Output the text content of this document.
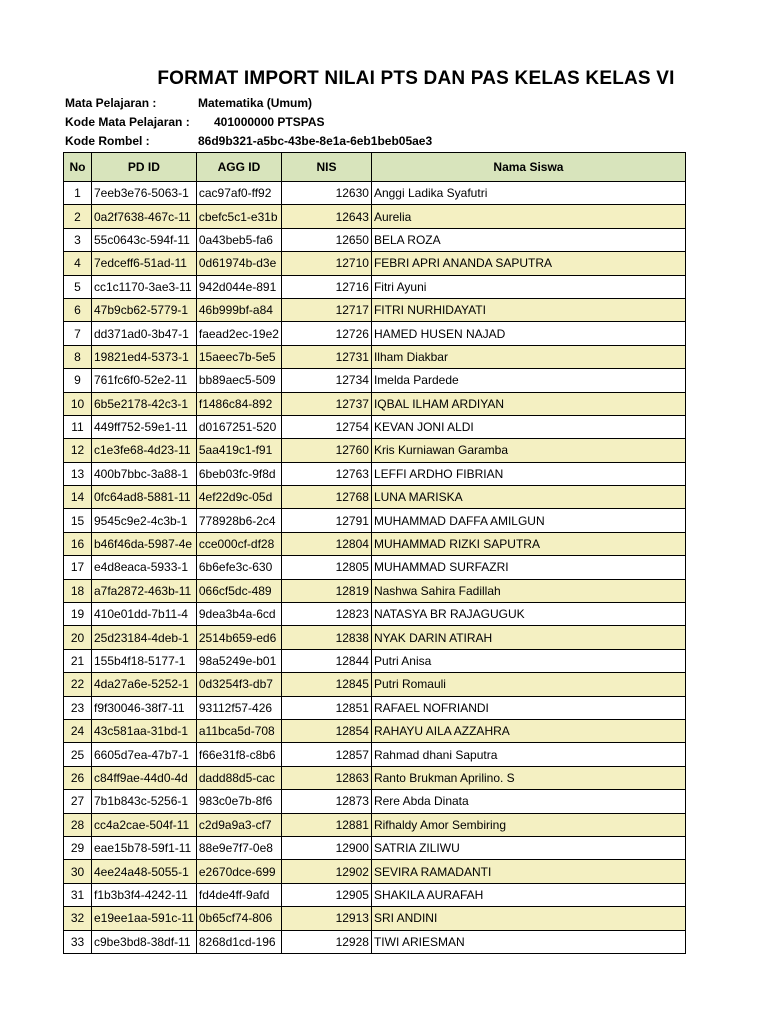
FORMAT IMPORT NILAI PTS DAN PAS KELAS KELAS VI
Mata Pelajaran :	Matematika (Umum)
Kode Mata Pelajaran : 401000000 PTSPAS
Kode Rombel :	86d9b321-a5bc-43be-8e1a-6eb1beb05ae3
No	PD ID	AGG ID	NIS	Nama Siswa
1	7eeb3e76-5063-1	cac97af0-ff92	12630	Anggi Ladika Syafutri
2	0a2f7638-467c-11	cbefc5c1-e31b	12643	Aurelia
3	55c0643c-594f-11	0a43beb5-fa6	12650	BELA ROZA
4	7edceff6-51ad-11	0d61974b-d3e	12710	FEBRI APRI ANANDA SAPUTRA
5	cc1c1170-3ae3-11	942d044e-891	12716	Fitri Ayuni
6	47b9cb62-5779-1	46b999bf-a84	12717	FITRI NURHIDAYATI
7	dd371ad0-3b47-1	faead2ec-19e2	12726	HAMED HUSEN NAJAD
8	19821ed4-5373-1	15aeec7b-5e5	12731	Ilham Diakbar
9	761fc6f0-52e2-11	bb89aec5-509	12734	Imelda Pardede
10	6b5e2178-42c3-1	f1486c84-892	12737	IQBAL ILHAM ARDIYAN
11	449ff752-59e1-11	d0167251-520	12754	KEVAN JONI ALDI
12	c1e3fe68-4d23-11	5aa419c1-f91	12760	Kris Kurniawan Garamba
13	400b7bbc-3a88-1	6beb03fc-9f8d	12763	LEFFI ARDHO FIBRIAN
14	0fc64ad8-5881-11	4ef22d9c-05d	12768	LUNA MARISKA
15	9545c9e2-4c3b-1	778928b6-2c4	12791	MUHAMMAD DAFFA AMILGUN
16	b46f46da-5987-4e	cce000cf-df28	12804	MUHAMMAD RIZKI SAPUTRA
17	e4d8eaca-5933-1	6b6efe3c-630	12805	MUHAMMAD SURFAZRI
18	a7fa2872-463b-11	066cf5dc-489	12819	Nashwa Sahira Fadillah
19	410e01dd-7b11-4	9dea3b4a-6cd	12823	NATASYA BR RAJAGUGUK
20	25d23184-4deb-1	2514b659-ed6	12838	NYAK DARIN ATIRAH
21	155b4f18-5177-1	98a5249e-b01	12844	Putri Anisa
22	4da27a6e-5252-1	0d3254f3-db7	12845	Putri Romauli
23	f9f30046-38f7-11	93112f57-426	12851	RAFAEL NOFRIANDI
24	43c581aa-31bd-1	a11bca5d-708	12854	RAHAYU AILA AZZAHRA
25	6605d7ea-47b7-1	f66e31f8-c8b6	12857	Rahmad dhani Saputra
26	c84ff9ae-44d0-4d	dadd88d5-cac	12863	Ranto Brukman Aprilino. S
27	7b1b843c-5256-1	983c0e7b-8f6	12873	Rere Abda Dinata
28	cc4a2cae-504f-11	c2d9a9a3-cf7	12881	Rifhaldy Amor Sembiring
29	eae15b78-59f1-11	88e9e7f7-0e8	12900	SATRIA ZILIWU
30	4ee24a48-5055-1	e2670dce-699	12902	SEVIRA RAMADANTI
31	f1b3b3f4-4242-11	fd4de4ff-9afd	12905	SHAKILA AURAFAH
32	e19ee1aa-591c-11	0b65cf74-806	12913	SRI ANDINI
33	c9be3bd8-38df-11	8268d1cd-196	12928	TIWI ARIESMAN
